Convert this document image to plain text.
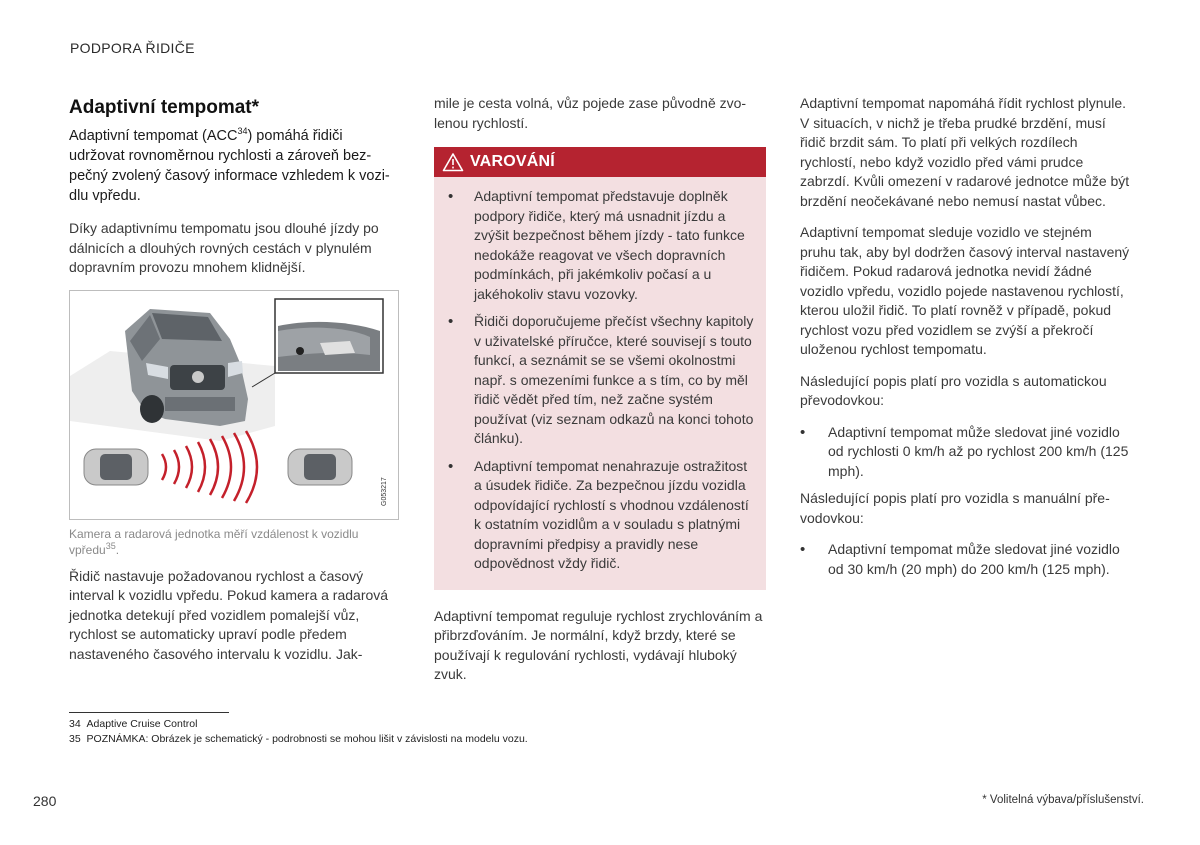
PODPORA ŘIDIČE
Adaptivní tempomat*
Adaptivní tempomat (ACC$^{34}$) pomáhá řidiči udržovat rovnoměrnou rychlosti a zároveň bezpečný zvolený časový informace vzhledem k vozidlu vpředu.

Díky adaptivnímu tempomatu jsou dlouhé jízdy po dálnicích a dlouhých rovných cestách v plynulém dopravním provozu mnohem klidnější.

G053217
Kamera a radarová jednotka měří vzdálenost k vozidlu vpředu$^{35}$.

Řidič nastavuje požadovanou rychlost a časový interval k vozidlu vpředu. Pokud kamera a radarová jednotka detekují před vozidlem pomalejší vůz, rychlost se automaticky upraví podle předem nastaveného časového intervalu k vozidlu. Jak-

mile je cesta volná, vůz pojede zase původně zvolenou rychlostí.

VAROVÁNÍ
• Adaptivní tempomat představuje doplněk podpory řidiče, který má usnadnit jízdu a zvýšit bezpečnost během jízdy - tato funkce nedokáže reagovat ve všech dopravních podmínkách, při jakémkoliv počasí a u jakéhokoliv stavu vozovky.
• Řidiči doporučujeme přečíst všechny kapitoly v uživatelské příručce, které souvisejí s touto funkcí, a seznámit se se všemi okolnostmi např. s omezeními funkce a s tím, co by měl řidič vědět před tím, než začne systém používat (viz seznam odkazů na konci tohoto článku).
• Adaptivní tempomat nenahrazuje ostražitost a úsudek řidiče. Za bezpečnou jízdu vozidla odpovídající rychlostí s vhodnou vzdáleností k ostatním vozidlům a v souladu s platnými dopravními předpisy a pravidly nese odpovědnost vždy řidič.

Adaptivní tempomat reguluje rychlost zrychlováním a přibrzďováním. Je normální, když brzdy, které se používají k regulování rychlosti, vydávají hluboký zvuk.

Adaptivní tempomat napomáhá řídit rychlost plynule. V situacích, v nichž je třeba prudké brzdění, musí řidič brzdit sám. To platí při velkých rozdílech rychlostí, nebo když vozidlo před vámi prudce zabrzdí. Kvůli omezení v radarové jednotce může být brzdění neočekávané nebo nemusí nastat vůbec.

Adaptivní tempomat sleduje vozidlo ve stejném pruhu tak, aby byl dodržen časový interval nastavený řidičem. Pokud radarová jednotka nevidí žádné vozidlo vpředu, vozidlo pojede nastavenou rychlostí, kterou uložil řidič. To platí rovněž v případě, pokud rychlost vozu před vozidlem se zvýší a překročí uloženou rychlost tempomatu.

Následující popis platí pro vozidla s automatickou převodovkou:

• Adaptivní tempomat může sledovat jiné vozidlo od rychlosti 0 km/h až po rychlost 200 km/h (125 mph).

Následující popis platí pro vozidla s manuální převodovkou:

• Adaptivní tempomat může sledovat jiné vozidlo od 30 km/h (20 mph) do 200 km/h (125 mph).
34 Adaptive Cruise Control
35 POZNÁMKA: Obrázek je schematický - podrobnosti se mohou lišit v závislosti na modelu vozu.
280	* Volitelná výbava/příslušenství.
